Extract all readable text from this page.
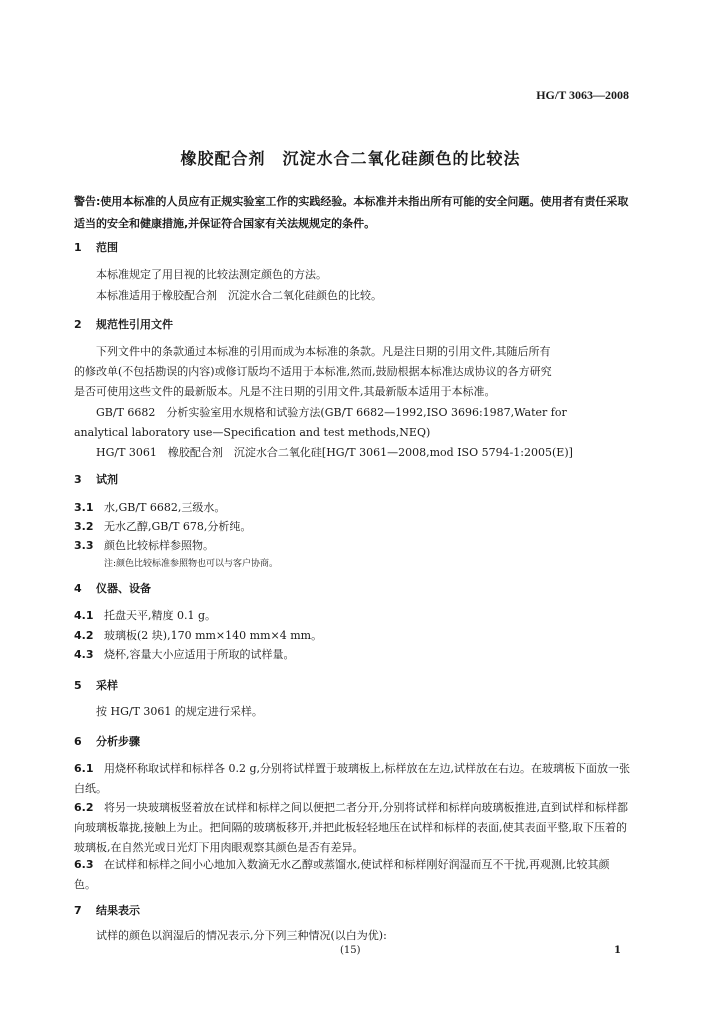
HG/T 3063—2008
橡胶配合剂　沉淀水合二氧化硅颜色的比较法
警告:使用本标准的人员应有正规实验室工作的实践经验。本标准并未指出所有可能的安全问题。使用者有责任采取适当的安全和健康措施,并保证符合国家有关法规规定的条件。
1 范围
本标准规定了用目视的比较法测定颜色的方法。
本标准适用于橡胶配合剂　沉淀水合二氧化硅颜色的比较。
2 规范性引用文件
下列文件中的条款通过本标准的引用而成为本标准的条款。凡是注日期的引用文件,其随后所有
的修改单(不包括勘误的内容)或修订版均不适用于本标准,然而,鼓励根据本标准达成协议的各方研究
是否可使用这些文件的最新版本。凡是不注日期的引用文件,其最新版本适用于本标准。
GB/T 6682　分析实验室用水规格和试验方法(GB/T 6682—1992,ISO 3696:1987,Water for
analytical laboratory use—Specification and test methods,NEQ)
HG/T 3061　橡胶配合剂　沉淀水合二氧化硅[HG/T 3061—2008,mod ISO 5794-1:2005(E)]
3 试剂
3.1 水,GB/T 6682,三级水。
3.2 无水乙醇,GB/T 678,分析纯。
3.3 颜色比较标样参照物。
注:颜色比较标准参照物也可以与客户协商。
4 仪器、设备
4.1 托盘天平,精度 0.1 g。
4.2 玻璃板(2 块),170 mm×140 mm×4 mm。
4.3 烧杯,容量大小应适用于所取的试样量。
5 采样
按 HG/T 3061 的规定进行采样。
6 分析步骤
6.1 用烧杯称取试样和标样各 0.2 g,分别将试样置于玻璃板上,标样放在左边,试样放在右边。在玻璃板下面放一张白纸。
6.2 将另一块玻璃板竖着放在试样和标样之间以便把二者分开,分别将试样和标样向玻璃板推进,直到试样和标样都向玻璃板靠拢,接触上为止。把间隔的玻璃板移开,并把此板轻轻地压在试样和标样的表面,使其表面平整,取下压着的玻璃板,在自然光或日光灯下用肉眼观察其颜色是否有差异。
6.3 在试样和标样之间小心地加入数滴无水乙醇或蒸馏水,使试样和标样刚好润湿而互不干扰,再观测,比较其颜色。
7 结果表示
试样的颜色以润湿后的情况表示,分下列三种情况(以白为优):
(15)	1
